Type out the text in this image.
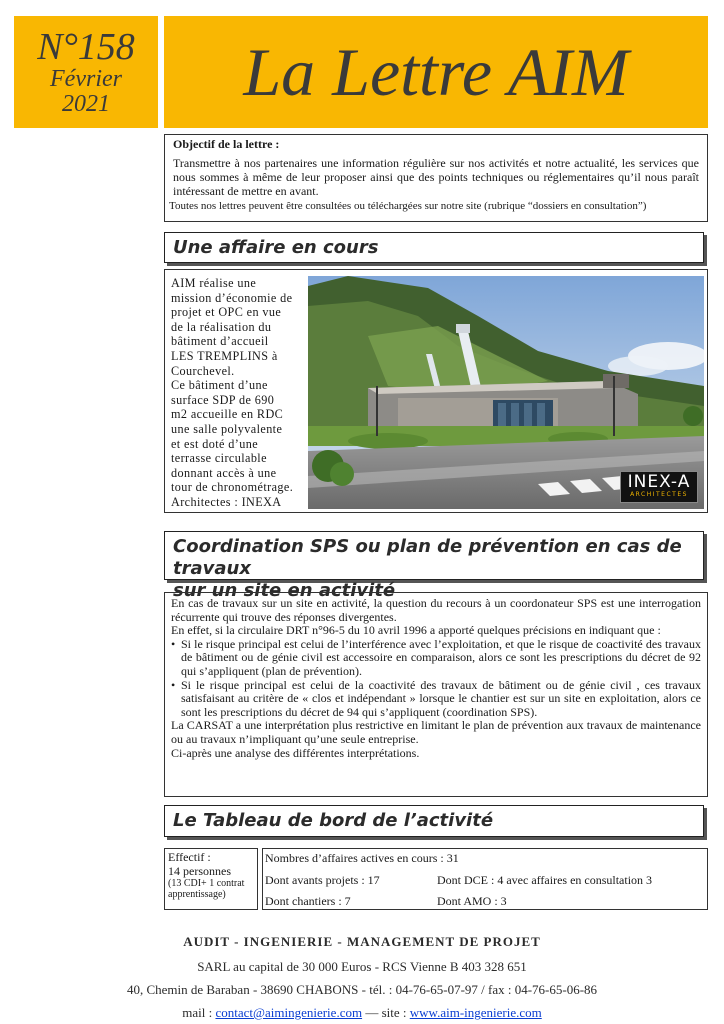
N°158
Février
2021	La Lettre AIM

Objectif de la lettre :

Transmettre à nos partenaires une information régulière sur nos activités et notre actualité, les services que nous sommes à même de leur proposer ainsi que des points techniques ou réglementaires qu’il nous paraît intéressant de mettre en avant.

Toutes nos lettres peuvent être consultées ou téléchargées sur notre site (rubrique “dossiers en consultation”)

Une affaire en cours
AIM réalise une
mission d’économie de
projet et OPC en vue
de la réalisation du
bâtiment d’accueil
LES TREMPLINS à
Courchevel.
Ce bâtiment d’une
surface SDP de 690
m2 accueille en RDC
une salle polyvalente
et est doté d’une
terrasse circulable
donnant accès à une
tour de chronométrage.
Architectes : INEXA
INEX-A
ARCHITECTES
Coordination SPS ou plan de prévention en cas de travaux
sur un site en activité

En cas de travaux sur un site en activité, la question du recours à un coordonateur SPS est une interrogation récurrente qui trouve des réponses divergentes.

En effet, si la circulaire DRT n°96-5 du 10 avril 1996 a apporté quelques précisions en indiquant que :

• Si le risque principal est celui de l’interférence avec l’exploitation, et que le risque de coactivité des travaux de bâtiment ou de génie civil est accessoire en comparaison, alors ce sont les prescriptions du décret de 92 qui s’appliquent (plan de prévention).

• Si le risque principal est celui de la coactivité des travaux de bâtiment ou de génie civil , ces travaux satisfaisant au critère de « clos et indépendant » lorsque le chantier est sur un site en exploitation, alors ce sont les prescriptions du décret de 94 qui s’appliquent (coordination SPS).

La CARSAT a une interprétation plus restrictive en limitant le plan de prévention aux travaux de maintenance ou au travaux n’impliquant qu’une seule entreprise.

Ci-après une analyse des différentes interprétations.

Le Tableau de bord de l’activité
Effectif :
14 personnes
(13 CDI+ 1 contrat apprentissage)
Nombres d’affaires actives en cours : 31
Dont avants projets : 17	Dont DCE : 4 avec affaires en consultation 3
Dont chantiers : 7	Dont AMO : 3
AUDIT - INGENIERIE - MANAGEMENT DE PROJET
SARL au capital de 30 000 Euros - RCS Vienne B 403 328 651
40, Chemin de Baraban - 38690 CHABONS - tél. : 04-76-65-07-97 / fax : 04-76-65-06-86
mail : contact@aimingenierie.com — site : www.aim-ingenierie.com
